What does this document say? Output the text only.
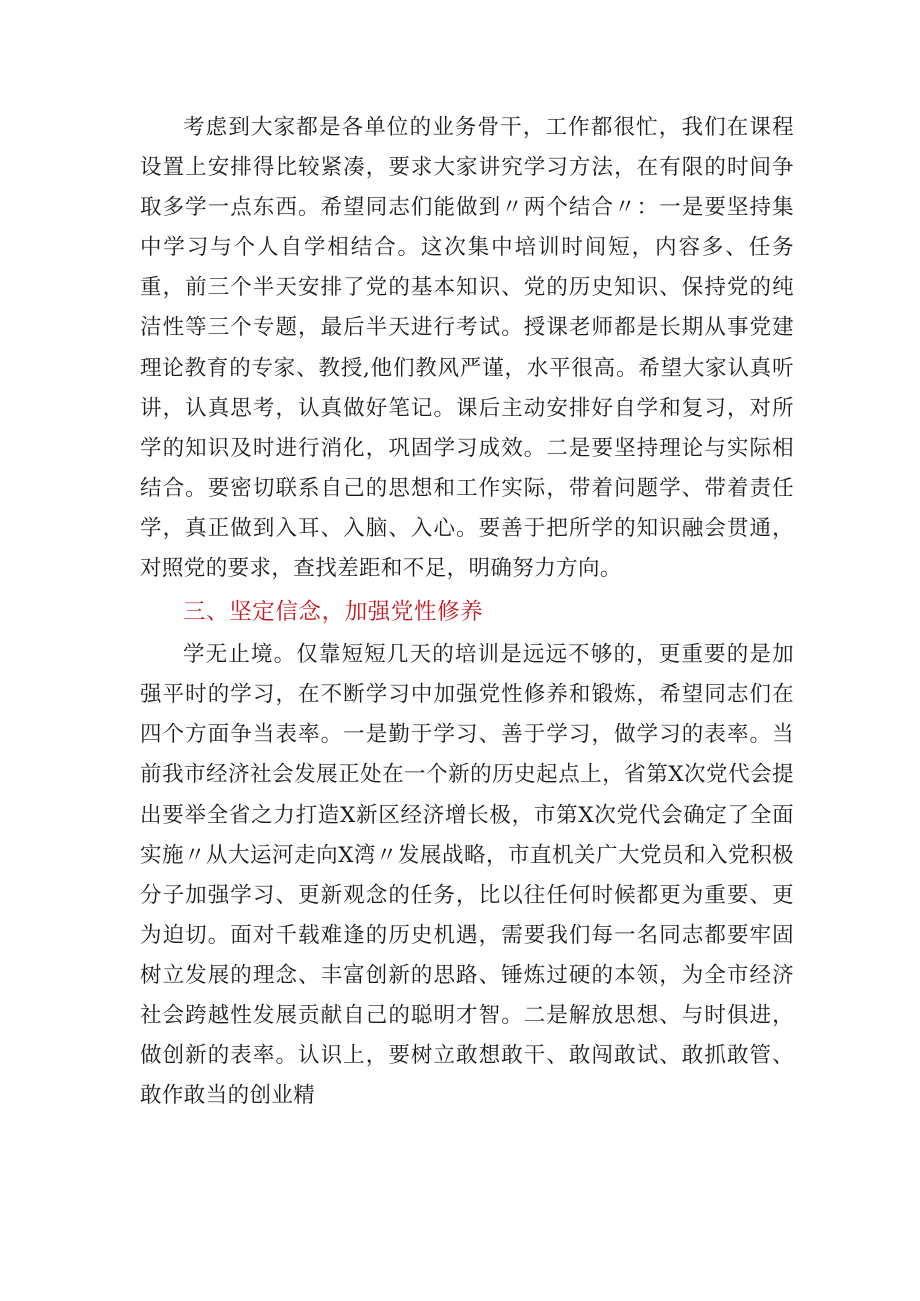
考虑到大家都是各单位的业务骨干，工作都很忙，我们在课程设置上安排得比较紧凑，要求大家讲究学习方法，在有限的时间争取多学一点东西。希望同志们能做到〃两个结合〃：一是要坚持集中学习与个人自学相结合。这次集中培训时间短，内容多、任务重，前三个半天安排了党的基本知识、党的历史知识、保持党的纯洁性等三个专题，最后半天进行考试。授课老师都是长期从事党建理论教育的专家、教授,他们教风严谨，水平很高。希望大家认真听讲，认真思考，认真做好笔记。课后主动安排好自学和复习，对所学的知识及时进行消化，巩固学习成效。二是要坚持理论与实际相结合。要密切联系自己的思想和工作实际，带着问题学、带着责任学，真正做到入耳、入脑、入心。要善于把所学的知识融会贯通，对照党的要求，查找差距和不足，明确努力方向。

三、坚定信念，加强党性修养

学无止境。仅靠短短几天的培训是远远不够的，更重要的是加强平时的学习，在不断学习中加强党性修养和锻炼，希望同志们在四个方面争当表率。一是勤于学习、善于学习，做学习的表率。当前我市经济社会发展正处在一个新的历史起点上，省第X次党代会提出要举全省之力打造X新区经济增长极，市第X次党代会确定了全面实施〃从大运河走向X湾〃发展战略，市直机关广大党员和入党积极分子加强学习、更新观念的任务，比以往任何时候都更为重要、更为迫切。面对千载难逢的历史机遇，需要我们每一名同志都要牢固树立发展的理念、丰富创新的思路、锤炼过硬的本领，为全市经济社会跨越性发展贡献自己的聪明才智。二是解放思想、与时俱进，做创新的表率。认识上，要树立敢想敢干、敢闯敢试、敢抓敢管、敢作敢当的创业精
